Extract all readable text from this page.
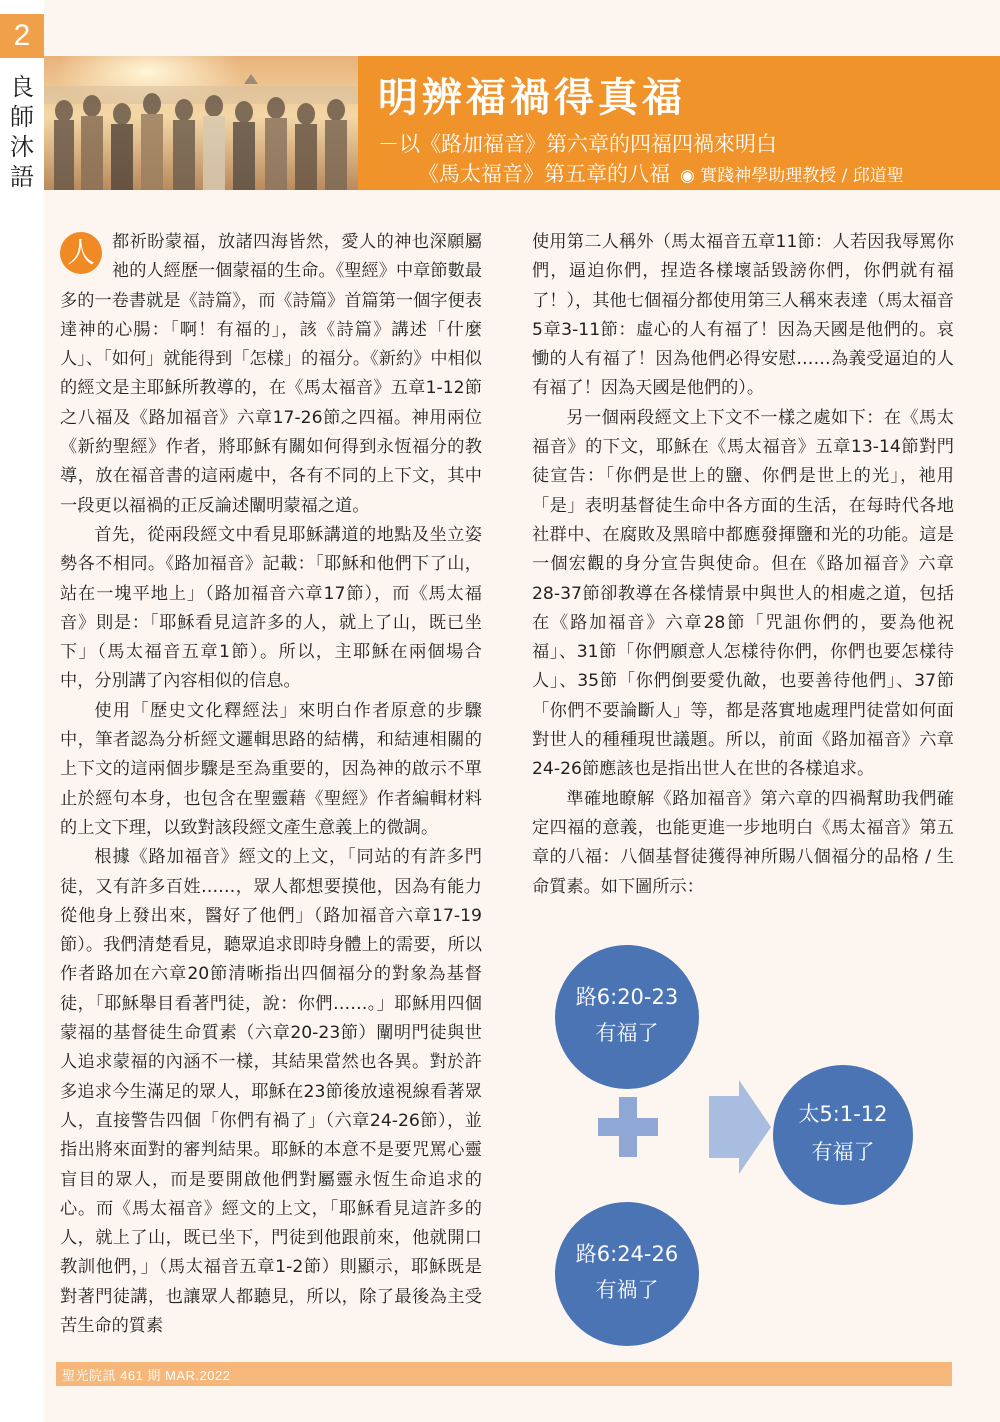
2
良
師
沐
語
明辨福禍得真福
－以《路加福音》第六章的四福四禍來明白
《馬太福音》第五章的八福 ◉ 實踐神學助理教授 / 邱道聖

人 都祈盼蒙福，放諸四海皆然，愛人的神也深願屬祂的人經歷一個蒙福的生命。《聖經》中章節數最多的一卷書就是《詩篇》，而《詩篇》首篇第一個字便表達神的心腸：「啊！有福的」，該《詩篇》講述「什麼人」、「如何」就能得到「怎樣」的福分。《新約》中相似的經文是主耶穌所教導的，在《馬太福音》五章1-12節之八福及《路加福音》六章17-26節之四福。神用兩位《新約聖經》作者，將耶穌有關如何得到永恆福分的教導，放在福音書的這兩處中，各有不同的上下文，其中一段更以福禍的正反論述闡明蒙福之道。

首先，從兩段經文中看見耶穌講道的地點及坐立姿勢各不相同。《路加福音》記載：「耶穌和他們下了山，站在一塊平地上」（路加福音六章17節），而《馬太福音》則是：「耶穌看見這許多的人，就上了山，既已坐下」（馬太福音五章1節）。所以，主耶穌在兩個場合中，分別講了內容相似的信息。

使用「歷史文化釋經法」來明白作者原意的步驟中，筆者認為分析經文邏輯思路的結構，和結連相關的上下文的這兩個步驟是至為重要的，因為神的啟示不單止於經句本身，也包含在聖靈藉《聖經》作者編輯材料的上文下理，以致對該段經文產生意義上的微調。

根據《路加福音》經文的上文，「同站的有許多門徒，又有許多百姓……，眾人都想要摸他，因為有能力從他身上發出來，醫好了他們」（路加福音六章17-19節）。我們清楚看見，聽眾追求即時身體上的需要，所以作者路加在六章20節清晰指出四個福分的對象為基督徒，「耶穌舉目看著門徒，說：你們……。」耶穌用四個蒙福的基督徒生命質素（六章20-23節）闡明門徒與世人追求蒙福的內涵不一樣，其結果當然也各異。對於許多追求今生滿足的眾人，耶穌在23節後放遠視線看著眾人，直接警告四個「你們有禍了」（六章24-26節），並指出將來面對的審判結果。耶穌的本意不是要咒罵心靈盲目的眾人，而是要開啟他們對屬靈永恆生命追求的心。而《馬太福音》經文的上文，「耶穌看見這許多的人，就上了山，既已坐下，門徒到他跟前來，他就開口教訓他們，」（馬太福音五章1-2節）則顯示，耶穌既是對著門徒講，也讓眾人都聽見，所以，除了最後為主受苦生命的質素

使用第二人稱外（馬太福音五章11節：人若因我辱罵你們，逼迫你們，捏造各樣壞話毀謗你們，你們就有福了！），其他七個福分都使用第三人稱來表達（馬太福音5章3-11節：虛心的人有福了！因為天國是他們的。哀慟的人有福了！因為他們必得安慰……為義受逼迫的人有福了！因為天國是他們的）。

另一個兩段經文上下文不一樣之處如下：在《馬太福音》的下文，耶穌在《馬太福音》五章13-14節對門徒宣告：「你們是世上的鹽、你們是世上的光」，祂用「是」表明基督徒生命中各方面的生活，在每時代各地社群中、在腐敗及黑暗中都應發揮鹽和光的功能。這是一個宏觀的身分宣告與使命。但在《路加福音》六章28-37節卻教導在各樣情景中與世人的相處之道，包括在《路加福音》六章28節「咒詛你們的，要為他祝福」、31節「你們願意人怎樣待你們，你們也要怎樣待人」、35節「你們倒要愛仇敵，也要善待他們」、37節「你們不要論斷人」等，都是落實地處理門徒當如何面對世人的種種現世議題。所以，前面《路加福音》六章24-26節應該也是指出世人在世的各樣追求。

準確地瞭解《路加福音》第六章的四禍幫助我們確定四福的意義，也能更進一步地明白《馬太福音》第五章的八福：八個基督徒獲得神所賜八個福分的品格 / 生命質素。如下圖所示：

路6:20-23
有福了
路6:24-26
有禍了
太5:1-12
有福了
聖光院訊 461 期 MAR.2022
